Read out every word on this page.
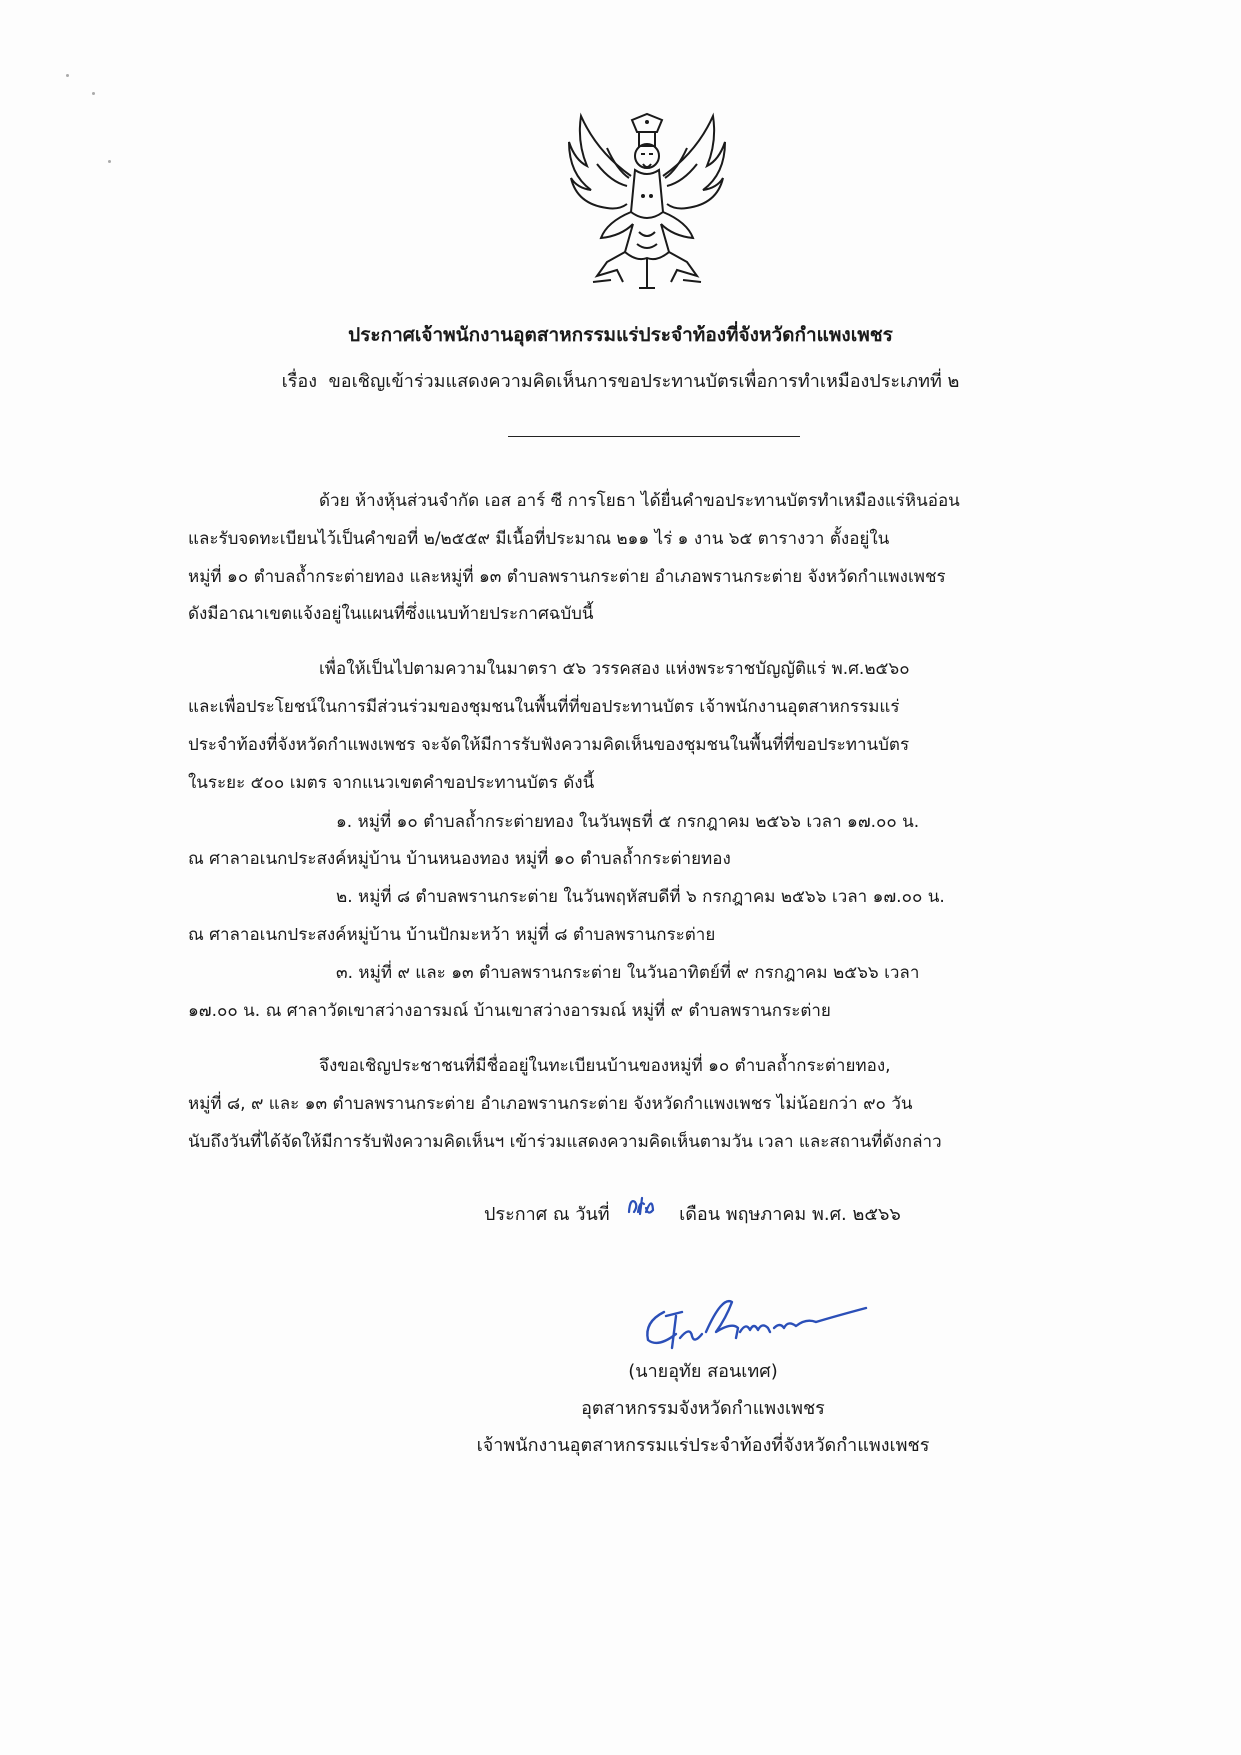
ประกาศเจ้าพนักงานอุตสาหกรรมแร่ประจำท้องที่จังหวัดกำแพงเพชร
เรื่อง ขอเชิญเข้าร่วมแสดงความคิดเห็นการขอประทานบัตรเพื่อการทำเหมืองประเภทที่ ๒
ด้วย ห้างหุ้นส่วนจำกัด เอส อาร์ ซี การโยธา ได้ยื่นคำขอประทานบัตรทำเหมืองแร่หินอ่อน
และรับจดทะเบียนไว้เป็นคำขอที่ ๒/๒๕๕๙ มีเนื้อที่ประมาณ ๒๑๑ ไร่ ๑ งาน ๖๕ ตารางวา ตั้งอยู่ใน
หมู่ที่ ๑๐ ตำบลถ้ำกระต่ายทอง และหมู่ที่ ๑๓ ตำบลพรานกระต่าย อำเภอพรานกระต่าย จังหวัดกำแพงเพชร
ดังมีอาณาเขตแจ้งอยู่ในแผนที่ซึ่งแนบท้ายประกาศฉบับนี้
เพื่อให้เป็นไปตามความในมาตรา ๕๖ วรรคสอง แห่งพระราชบัญญัติแร่ พ.ศ.๒๕๖๐
และเพื่อประโยชน์ในการมีส่วนร่วมของชุมชนในพื้นที่ที่ขอประทานบัตร เจ้าพนักงานอุตสาหกรรมแร่
ประจำท้องที่จังหวัดกำแพงเพชร จะจัดให้มีการรับฟังความคิดเห็นของชุมชนในพื้นที่ที่ขอประทานบัตร
ในระยะ ๕๐๐ เมตร จากแนวเขตคำขอประทานบัตร ดังนี้
๑. หมู่ที่ ๑๐ ตำบลถ้ำกระต่ายทอง ในวันพุธที่ ๕ กรกฎาคม ๒๕๖๖ เวลา ๑๗.๐๐ น.
ณ ศาลาอเนกประสงค์หมู่บ้าน บ้านหนองทอง หมู่ที่ ๑๐ ตำบลถ้ำกระต่ายทอง
๒. หมู่ที่ ๘ ตำบลพรานกระต่าย ในวันพฤหัสบดีที่ ๖ กรกฎาคม ๒๕๖๖ เวลา ๑๗.๐๐ น.
ณ ศาลาอเนกประสงค์หมู่บ้าน บ้านปักมะหว้า หมู่ที่ ๘ ตำบลพรานกระต่าย
๓. หมู่ที่ ๙ และ ๑๓ ตำบลพรานกระต่าย ในวันอาทิตย์ที่ ๙ กรกฎาคม ๒๕๖๖ เวลา
๑๗.๐๐ น. ณ ศาลาวัดเขาสว่างอารมณ์ บ้านเขาสว่างอารมณ์ หมู่ที่ ๙ ตำบลพรานกระต่าย
จึงขอเชิญประชาชนที่มีชื่ออยู่ในทะเบียนบ้านของหมู่ที่ ๑๐ ตำบลถ้ำกระต่ายทอง,
หมู่ที่ ๘, ๙ และ ๑๓ ตำบลพรานกระต่าย อำเภอพรานกระต่าย จังหวัดกำแพงเพชร ไม่น้อยกว่า ๙๐ วัน
นับถึงวันที่ได้จัดให้มีการรับฟังความคิดเห็นฯ เข้าร่วมแสดงความคิดเห็นตามวัน เวลา และสถานที่ดังกล่าว
ประกาศ ณ วันที่	เดือน พฤษภาคม พ.ศ. ๒๕๖๖
(นายอุทัย สอนเทศ)
อุตสาหกรรมจังหวัดกำแพงเพชร
เจ้าพนักงานอุตสาหกรรมแร่ประจำท้องที่จังหวัดกำแพงเพชร
